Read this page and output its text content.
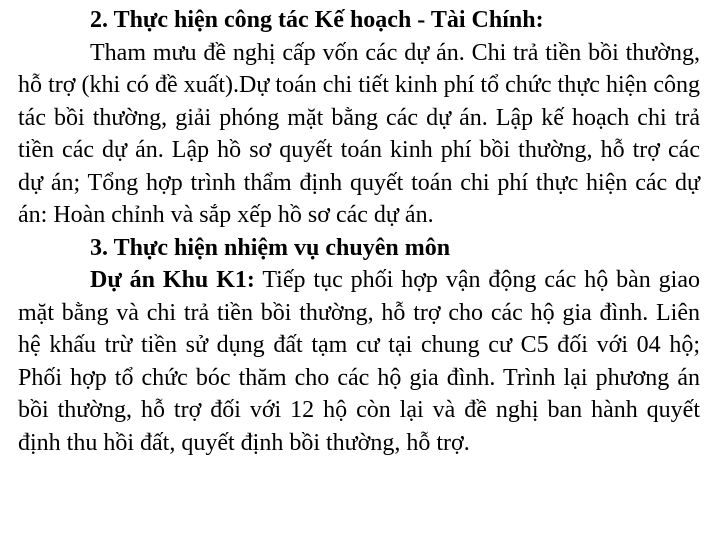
2. Thực hiện công tác Kế hoạch - Tài Chính:

Tham mưu đề nghị cấp vốn các dự án. Chi trả tiền bồi thường, hỗ trợ (khi có đề xuất).Dự toán chi tiết kinh phí tổ chức thực hiện công tác bồi thường, giải phóng mặt bằng các dự án. Lập kế hoạch chi trả tiền các dự án. Lập hồ sơ quyết toán kinh phí bồi thường, hỗ trợ các dự án; Tổng hợp trình thẩm định quyết toán chi phí thực hiện các dự án: Hoàn chỉnh và sắp xếp hồ sơ các dự án.

3. Thực hiện nhiệm vụ chuyên môn

Dự án Khu K1: Tiếp tục phối hợp vận động các hộ bàn giao mặt bằng và chi trả tiền bồi thường, hỗ trợ cho các hộ gia đình. Liên hệ khấu trừ tiền sử dụng đất tạm cư tại chung cư C5 đối với 04 hộ; Phối hợp tổ chức bóc thăm cho các hộ gia đình. Trình lại phương án bồi thường, hỗ trợ đối với 12 hộ còn lại và đề nghị ban hành quyết định thu hồi đất, quyết định bồi thường, hỗ trợ.
